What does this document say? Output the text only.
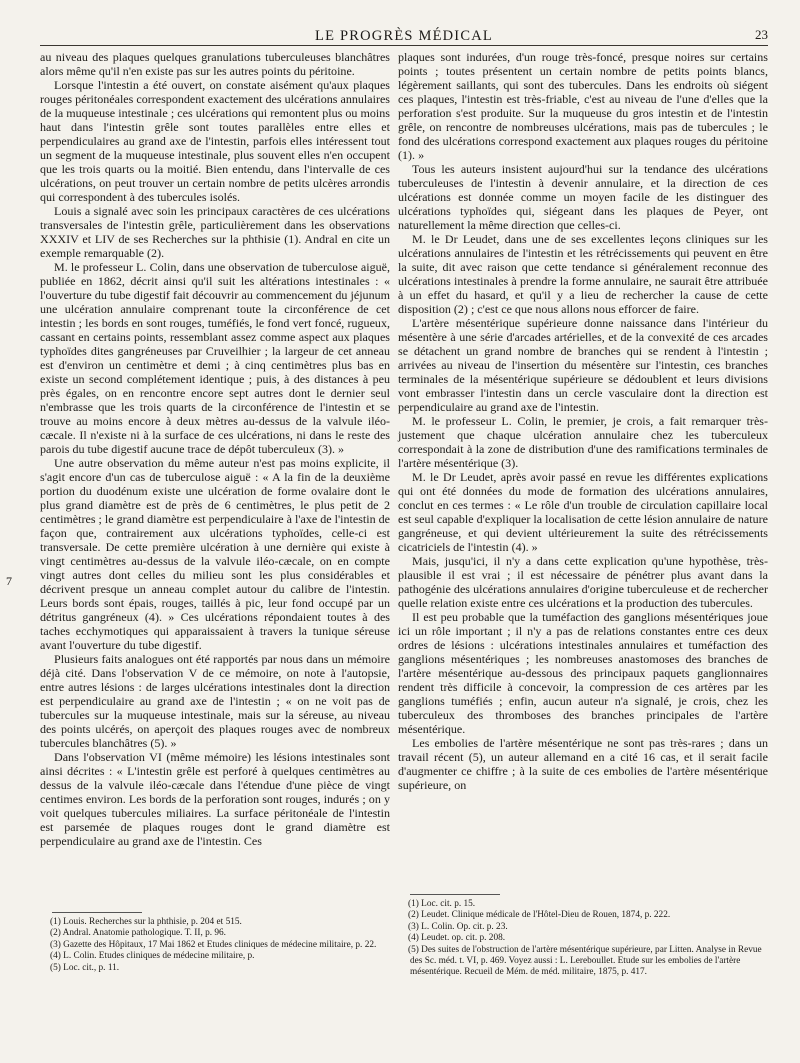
LE PROGRÈS MÉDICAL	23

au niveau des plaques quelques granulations tuberculeuses blanchâtres alors même qu'il n'en existe pas sur les autres points du péritoine.

Lorsque l'intestin a été ouvert, on constate aisément qu'aux plaques rouges péritonéales correspondent exactement des ulcérations annulaires de la muqueuse intestinale ; ces ulcérations qui remontent plus ou moins haut dans l'intestin grêle sont toutes parallèles entre elles et perpendiculaires au grand axe de l'intestin, parfois elles intéressent tout un segment de la muqueuse intestinale, plus souvent elles n'en occupent que les trois quarts ou la moitié. Bien entendu, dans l'intervalle de ces ulcérations, on peut trouver un certain nombre de petits ulcères arrondis qui correspondent à des tubercules isolés.

Louis a signalé avec soin les principaux caractères de ces ulcérations transversales de l'intestin grêle, particulièrement dans les observations XXXIV et LIV de ses Recherches sur la phthisie (1). Andral en cite un exemple remarquable (2).

M. le professeur L. Colin, dans une observation de tuberculose aiguë, publiée en 1862, décrit ainsi qu'il suit les altérations intestinales : « l'ouverture du tube digestif fait découvrir au commencement du jéjunum une ulcération annulaire comprenant toute la circonférence de cet intestin ; les bords en sont rouges, tuméfiés, le fond vert foncé, rugueux, cassant en certains points, ressemblant assez comme aspect aux plaques typhoïdes dites gangréneuses par Cruveilhier ; la largeur de cet anneau est d'environ un centimètre et demi ; à cinq centimètres plus bas en existe un second complétement identique ; puis, à des distances à peu près égales, on en rencontre encore sept autres dont le dernier seul n'embrasse que les trois quarts de la circonférence de l'intestin et se trouve au moins encore à deux mètres au-dessus de la valvule iléo-cæcale. Il n'existe ni à la surface de ces ulcérations, ni dans le reste des parois du tube digestif aucune trace de dépôt tuberculeux (3). »

Une autre observation du même auteur n'est pas moins explicite, il s'agit encore d'un cas de tuberculose aiguë : « A la fin de la deuxième portion du duodénum existe une ulcération de forme ovalaire dont le plus grand diamètre est de près de 6 centimètres, le plus petit de 2 centimètres ; le grand diamètre est perpendiculaire à l'axe de l'intestin de façon que, contrairement aux ulcérations typhoïdes, celle-ci est transversale. De cette première ulcération à une dernière qui existe à vingt centimètres au-dessus de la valvule iléo-cæcale, on en compte vingt autres dont celles du milieu sont les plus considérables et décrivent presque un anneau complet autour du calibre de l'intestin. Leurs bords sont épais, rouges, taillés à pic, leur fond occupé par un détritus gangréneux (4). » Ces ulcérations répondaient toutes à des taches ecchymotiques qui apparaissaient à travers la tunique séreuse avant l'ouverture du tube digestif.

Plusieurs faits analogues ont été rapportés par nous dans un mémoire déjà cité. Dans l'observation V de ce mémoire, on note à l'autopsie, entre autres lésions : de larges ulcérations intestinales dont la direction est perpendiculaire au grand axe de l'intestin ; « on ne voit pas de tubercules sur la muqueuse intestinale, mais sur la séreuse, au niveau des points ulcérés, on aperçoit des plaques rouges avec de nombreux tubercules blanchâtres (5). »

Dans l'observation VI (même mémoire) les lésions intestinales sont ainsi décrites : « L'intestin grêle est perforé à quelques centimètres au dessus de la valvule iléo-cæcale dans l'étendue d'une pièce de vingt centimes environ. Les bords de la perforation sont rouges, indurés ; on y voit quelques tubercules miliaires. La surface péritonéale de l'intestin est parsemée de plaques rouges dont le grand diamètre est perpendiculaire au grand axe de l'intestin. Ces

plaques sont indurées, d'un rouge très-foncé, presque noires sur certains points ; toutes présentent un certain nombre de petits points blancs, légèrement saillants, qui sont des tubercules. Dans les endroits où siégent ces plaques, l'intestin est très-friable, c'est au niveau de l'une d'elles que la perforation s'est produite. Sur la muqueuse du gros intestin et de l'intestin grêle, on rencontre de nombreuses ulcérations, mais pas de tubercules ; le fond des ulcérations correspond exactement aux plaques rouges du péritoine (1). »

Tous les auteurs insistent aujourd'hui sur la tendance des ulcérations tuberculeuses de l'intestin à devenir annulaire, et la direction de ces ulcérations est donnée comme un moyen facile de les distinguer des ulcérations typhoïdes qui, siégeant dans les plaques de Peyer, ont naturellement la même direction que celles-ci.

M. le Dr Leudet, dans une de ses excellentes leçons cliniques sur les ulcérations annulaires de l'intestin et les rétrécissements qui peuvent en être la suite, dit avec raison que cette tendance si généralement reconnue des ulcérations intestinales à prendre la forme annulaire, ne saurait être attribuée à un effet du hasard, et qu'il y a lieu de rechercher la cause de cette disposition (2) ; c'est ce que nous allons nous efforcer de faire.

L'artère mésentérique supérieure donne naissance dans l'intérieur du mésentère à une série d'arcades artérielles, et de la convexité de ces arcades se détachent un grand nombre de branches qui se rendent à l'intestin ; arrivées au niveau de l'insertion du mésentère sur l'intestin, ces branches terminales de la mésentérique supérieure se dédoublent et leurs divisions vont embrasser l'intestin dans un cercle vasculaire dont la direction est perpendiculaire au grand axe de l'intestin.

M. le professeur L. Colin, le premier, je crois, a fait remarquer très-justement que chaque ulcération annulaire chez les tuberculeux correspondait à la zone de distribution d'une des ramifications terminales de l'artère mésentérique (3).

M. le Dr Leudet, après avoir passé en revue les différentes explications qui ont été données du mode de formation des ulcérations annulaires, conclut en ces termes : « Le rôle d'un trouble de circulation capillaire local est seul capable d'expliquer la localisation de cette lésion annulaire de nature gangréneuse, et qui devient ultérieurement la suite des rétrécissements cicatriciels de l'intestin (4). »

Mais, jusqu'ici, il n'y a dans cette explication qu'une hypothèse, très-plausible il est vrai ; il est nécessaire de pénétrer plus avant dans la pathogénie des ulcérations annulaires d'origine tuberculeuse et de rechercher quelle relation existe entre ces ulcérations et la production des tubercules.

Il est peu probable que la tuméfaction des ganglions mésentériques joue ici un rôle important ; il n'y a pas de relations constantes entre ces deux ordres de lésions : ulcérations intestinales annulaires et tuméfaction des ganglions mésentériques ; les nombreuses anastomoses des branches de l'artère mésentérique au-dessous des principaux paquets ganglionnaires rendent très difficile à concevoir, la compression de ces artères par les ganglions tuméfiés ; enfin, aucun auteur n'a signalé, je crois, chez les tuberculeux des thromboses des branches principales de l'artère mésentérique.

Les embolies de l'artère mésentérique ne sont pas très-rares ; dans un travail récent (5), un auteur allemand en a cité 16 cas, et il serait facile d'augmenter ce chiffre ; à la suite de ces embolies de l'artère mésentérique supérieure, on

(1) Louis. Recherches sur la phthisie, p. 204 et 515.

(2) Andral. Anatomie pathologique. T. II, p. 96.

(3) Gazette des Hôpitaux, 17 Mai 1862 et Etudes cliniques de médecine militaire, p. 22.

(4) L. Colin. Etudes cliniques de médecine militaire, p.

(5) Loc. cit., p. 11.

(1) Loc. cit. p. 15.

(2) Leudet. Clinique médicale de l'Hôtel-Dieu de Rouen, 1874, p. 222.

(3) L. Colin. Op. cit. p. 23.

(4) Leudet. op. cit. p. 208.

(5) Des suites de l'obstruction de l'artère mésentérique supérieure, par Litten. Analyse in Revue des Sc. méd. t. VI, p. 469. Voyez aussi : L. Lereboullet. Etude sur les embolies de l'artère mésentérique. Recueil de Mém. de méd. militaire, 1875, p. 417.

7
